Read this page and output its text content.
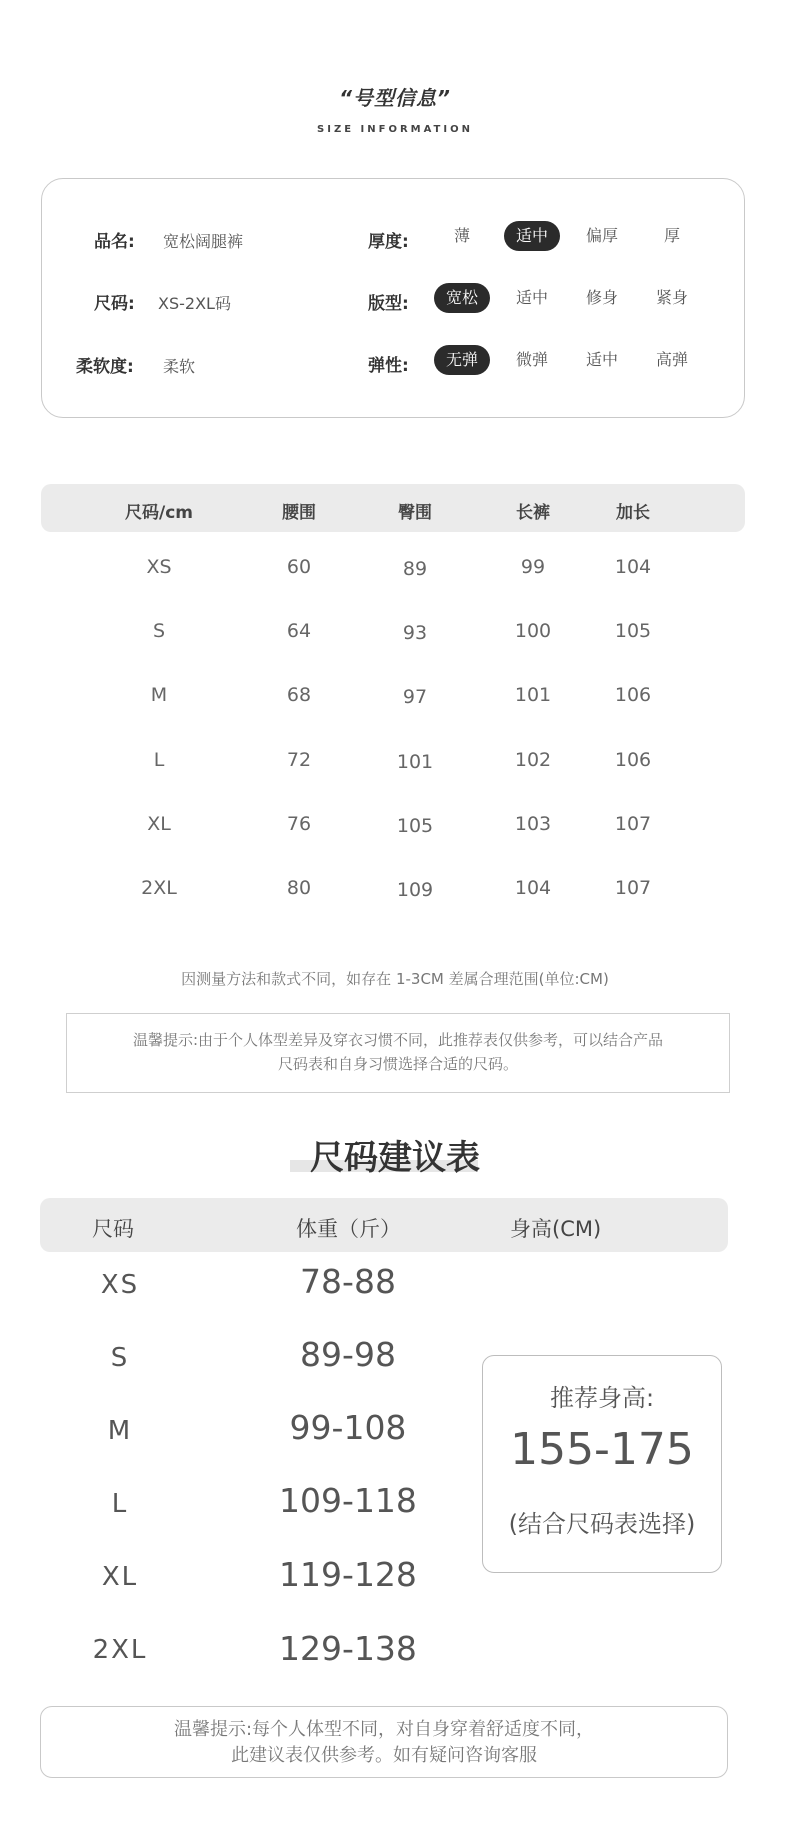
“号型信息”
SIZE INFORMATION
品名: 宽松阔腿裤
尺码: XS-2XL码
柔软度: 柔软
厚度:	薄	适中	偏厚	厚
版型:	宽松	适中	修身	紧身
弹性:	无弹	微弹	适中	高弹
尺码/cm	腰围	臀围	长裤	加长
XS	60	89	99	104
S	64	93	100	105
M	68	97	101	106
L	72	101	102	106
XL	76	105	103	107
2XL	80	109	104	107
因测量方法和款式不同，如存在 1-3CM 差属合理范围(单位:CM)
温馨提示:由于个人体型差异及穿衣习惯不同，此推荐表仅供参考，可以结合产品
尺码表和自身习惯选择合适的尺码。
尺码建议表
尺码	体重（斤）	身高(CM)
XS	78-88
S	89-98
M	99-108
L	109-118
XL	119-128
2XL	129-138
推荐身高:
155-175
(结合尺码表选择)
温馨提示:每个人体型不同，对自身穿着舒适度不同，
此建议表仅供参考。如有疑问咨询客服
